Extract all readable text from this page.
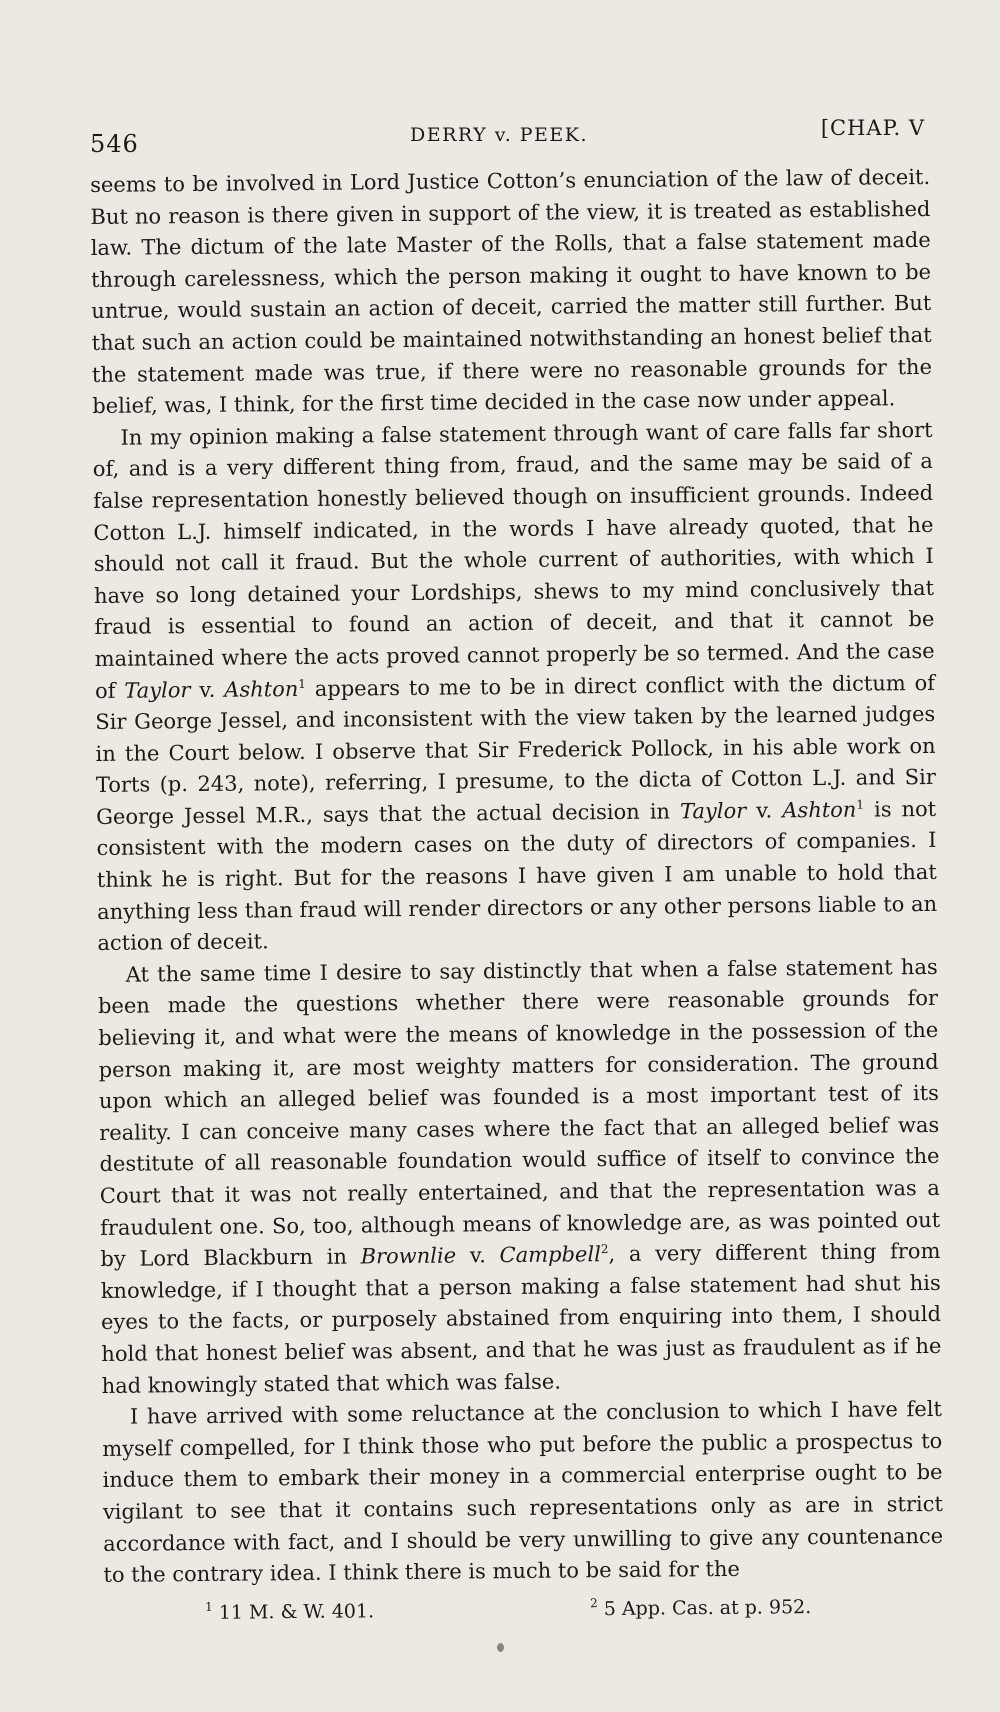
546	DERRY v. PEEK.	[CHAP. V

seems to be involved in Lord Justice Cotton’s enunciation of the law of deceit. But no reason is there given in support of the view, it is treated as established law. The dictum of the late Master of the Rolls, that a false statement made through carelessness, which the person making it ought to have known to be untrue, would sustain an action of deceit, carried the matter still further. But that such an action could be maintained notwithstanding an honest belief that the statement made was true, if there were no reasonable grounds for the belief, was, I think, for the first time decided in the case now under appeal.

In my opinion making a false statement through want of care falls far short of, and is a very different thing from, fraud, and the same may be said of a false representation honestly believed though on insufficient grounds. Indeed Cotton L.J. himself indicated, in the words I have already quoted, that he should not call it fraud. But the whole current of authorities, with which I have so long detained your Lordships, shews to my mind conclusively that fraud is essential to found an action of deceit, and that it cannot be maintained where the acts proved cannot properly be so termed. And the case of Taylor v. Ashton$^1$ appears to me to be in direct conflict with the dictum of Sir George Jessel, and inconsistent with the view taken by the learned judges in the Court below. I observe that Sir Frederick Pollock, in his able work on Torts (p. 243, note), referring, I presume, to the dicta of Cotton L.J. and Sir George Jessel M.R., says that the actual decision in Taylor v. Ashton$^1$ is not consistent with the modern cases on the duty of directors of companies. I think he is right. But for the reasons I have given I am unable to hold that anything less than fraud will render directors or any other persons liable to an action of deceit.

At the same time I desire to say distinctly that when a false statement has been made the questions whether there were reasonable grounds for believing it, and what were the means of knowledge in the possession of the person making it, are most weighty matters for consideration. The ground upon which an alleged belief was founded is a most important test of its reality. I can conceive many cases where the fact that an alleged belief was destitute of all reasonable foundation would suffice of itself to convince the Court that it was not really entertained, and that the representation was a fraudulent one. So, too, although means of knowledge are, as was pointed out by Lord Blackburn in Brownlie v. Campbell$^2$, a very different thing from knowledge, if I thought that a person making a false statement had shut his eyes to the facts, or purposely abstained from enquiring into them, I should hold that honest belief was absent, and that he was just as fraudulent as if he had knowingly stated that which was false.

I have arrived with some reluctance at the conclusion to which I have felt myself compelled, for I think those who put before the public a prospectus to induce them to embark their money in a commercial enterprise ought to be vigilant to see that it contains such representations only as are in strict accordance with fact, and I should be very unwilling to give any countenance to the contrary idea. I think there is much to be said for the

$^1$ 11 M. & W. 401.	$^2$ 5 App. Cas. at p. 952.
